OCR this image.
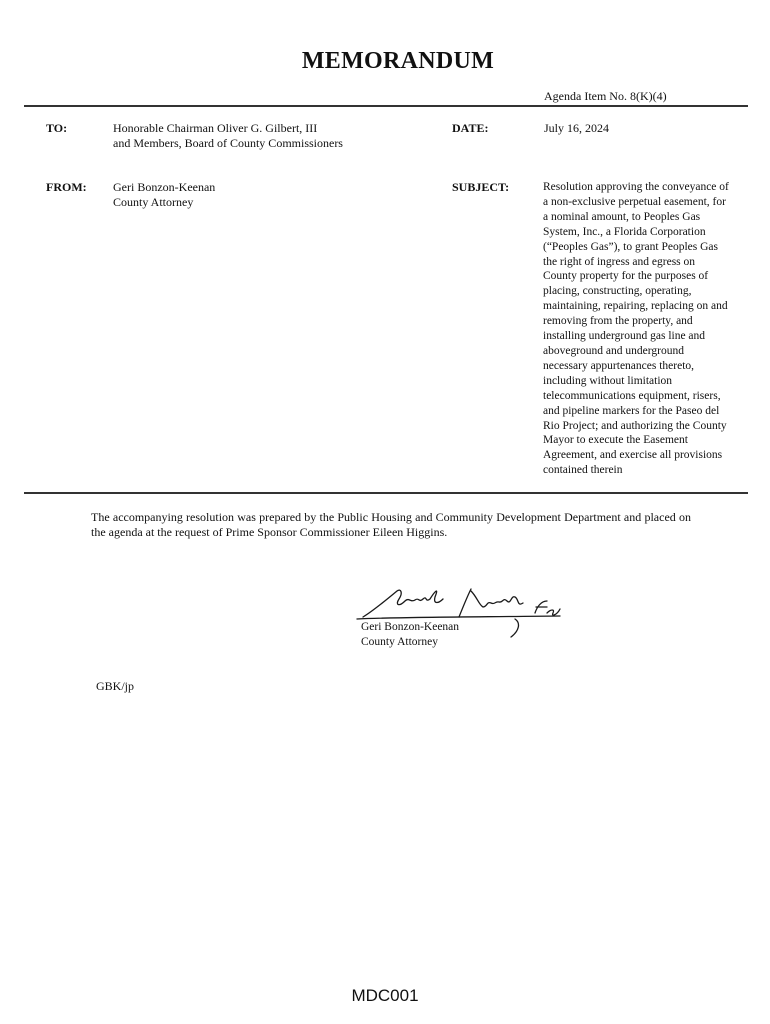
MEMORANDUM
Agenda Item No. 8(K)(4)
TO:	Honorable Chairman Oliver G. Gilbert, III
and Members, Board of County Commissioners
DATE:	July 16, 2024
FROM: Geri Bonzon-Keenan
County Attorney
SUBJECT:	Resolution approving the conveyance of
a non-exclusive perpetual easement, for
a nominal amount, to Peoples Gas
System, Inc., a Florida Corporation
(“Peoples Gas”), to grant Peoples Gas
the right of ingress and egress on
County property for the purposes of
placing, constructing, operating,
maintaining, repairing, replacing on and
removing from the property, and
installing underground gas line and
aboveground and underground
necessary appurtenances thereto,
including without limitation
telecommunications equipment, risers,
and pipeline markers for the Paseo del
Rio Project; and authorizing the County
Mayor to execute the Easement
Agreement, and exercise all provisions
contained therein
The accompanying resolution was prepared by the Public Housing and Community Development Department and placed on the agenda at the request of Prime Sponsor Commissioner Eileen Higgins.
Geri Bonzon-Keenan
County Attorney
GBK/jp
MDC001
